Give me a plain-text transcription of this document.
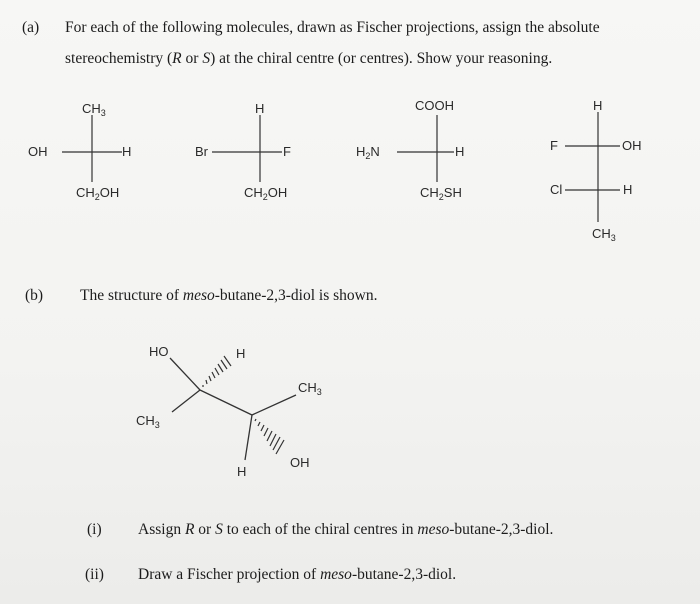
(a) For each of the following molecules, drawn as Fischer projections, assign the absolute
stereochemistry (R or S) at the chiral centre (or centres). Show your reasoning.
$CH_3$
OH	H
$CH_2OH$
H
Br	F
$CH_2OH$
COOH
$H_2N$	H
$CH_2SH$
H
F	OH
Cl	H
$CH_3$
HO	H
$CH_3$
$CH_3$
OH
H
(b) The structure of meso-butane-2,3-diol is shown.
(i) Assign R or S to each of the chiral centres in meso-butane-2,3-diol.
(ii) Draw a Fischer projection of meso-butane-2,3-diol.
